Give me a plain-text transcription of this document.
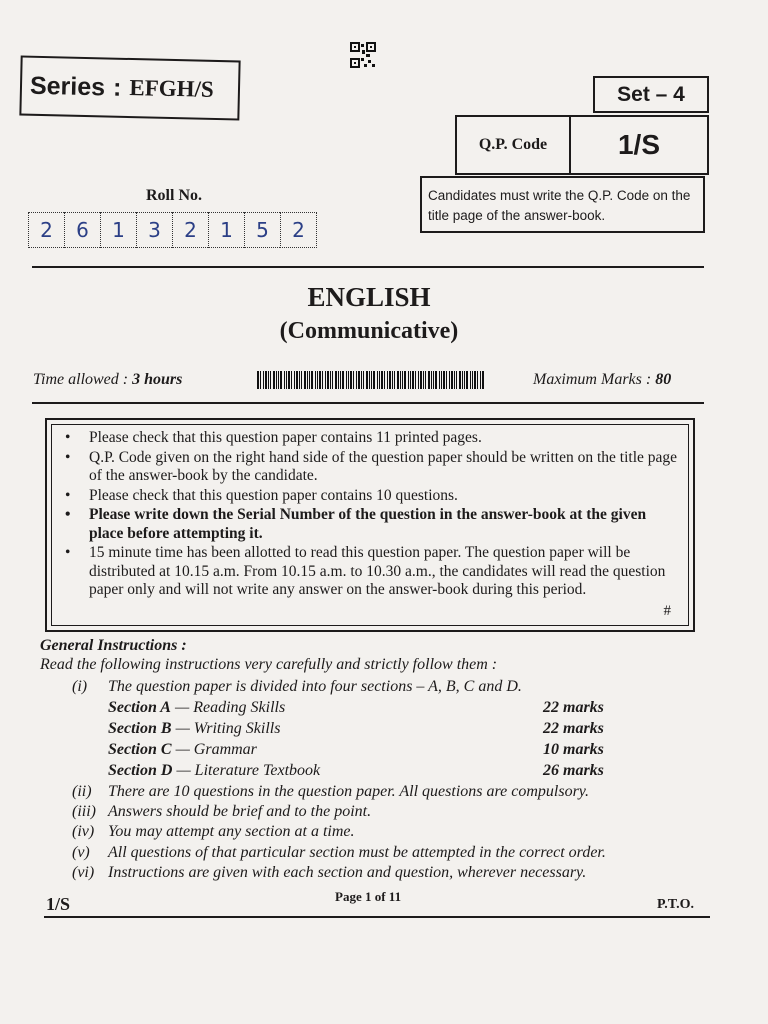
Series : EFGH/S	Set – 4
Q.P. Code	1/S
Candidates must write the Q.P. Code on the title page of the answer-book.
Roll No.
2	6	1	3	2	1	5	2
ENGLISH
(Communicative)
Time allowed : 3 hours	Maximum Marks : 80
• Please check that this question paper contains 11 printed pages.
• Q.P. Code given on the right hand side of the question paper should be written on the title page of the answer-book by the candidate.
• Please check that this question paper contains 10 questions.
• Please write down the Serial Number of the question in the answer-book at the given place before attempting it.
• 15 minute time has been allotted to read this question paper. The question paper will be distributed at 10.15 a.m. From 10.15 a.m. to 10.30 a.m., the candidates will read the question paper only and will not write any answer on the answer-book during this period.
#
General Instructions :
Read the following instructions very carefully and strictly follow them :
(i) The question paper is divided into four sections – A, B, C and D.
Section A — Reading Skills	22 marks
Section B — Writing Skills	22 marks
Section C — Grammar	10 marks
Section D — Literature Textbook	26 marks
(ii) There are 10 questions in the question paper. All questions are compulsory.
(iii) Answers should be brief and to the point.
(iv) You may attempt any section at a time.
(v) All questions of that particular section must be attempted in the correct order.
(vi) Instructions are given with each section and question, wherever necessary.
1/S	Page 1 of 11
P.T.O.
